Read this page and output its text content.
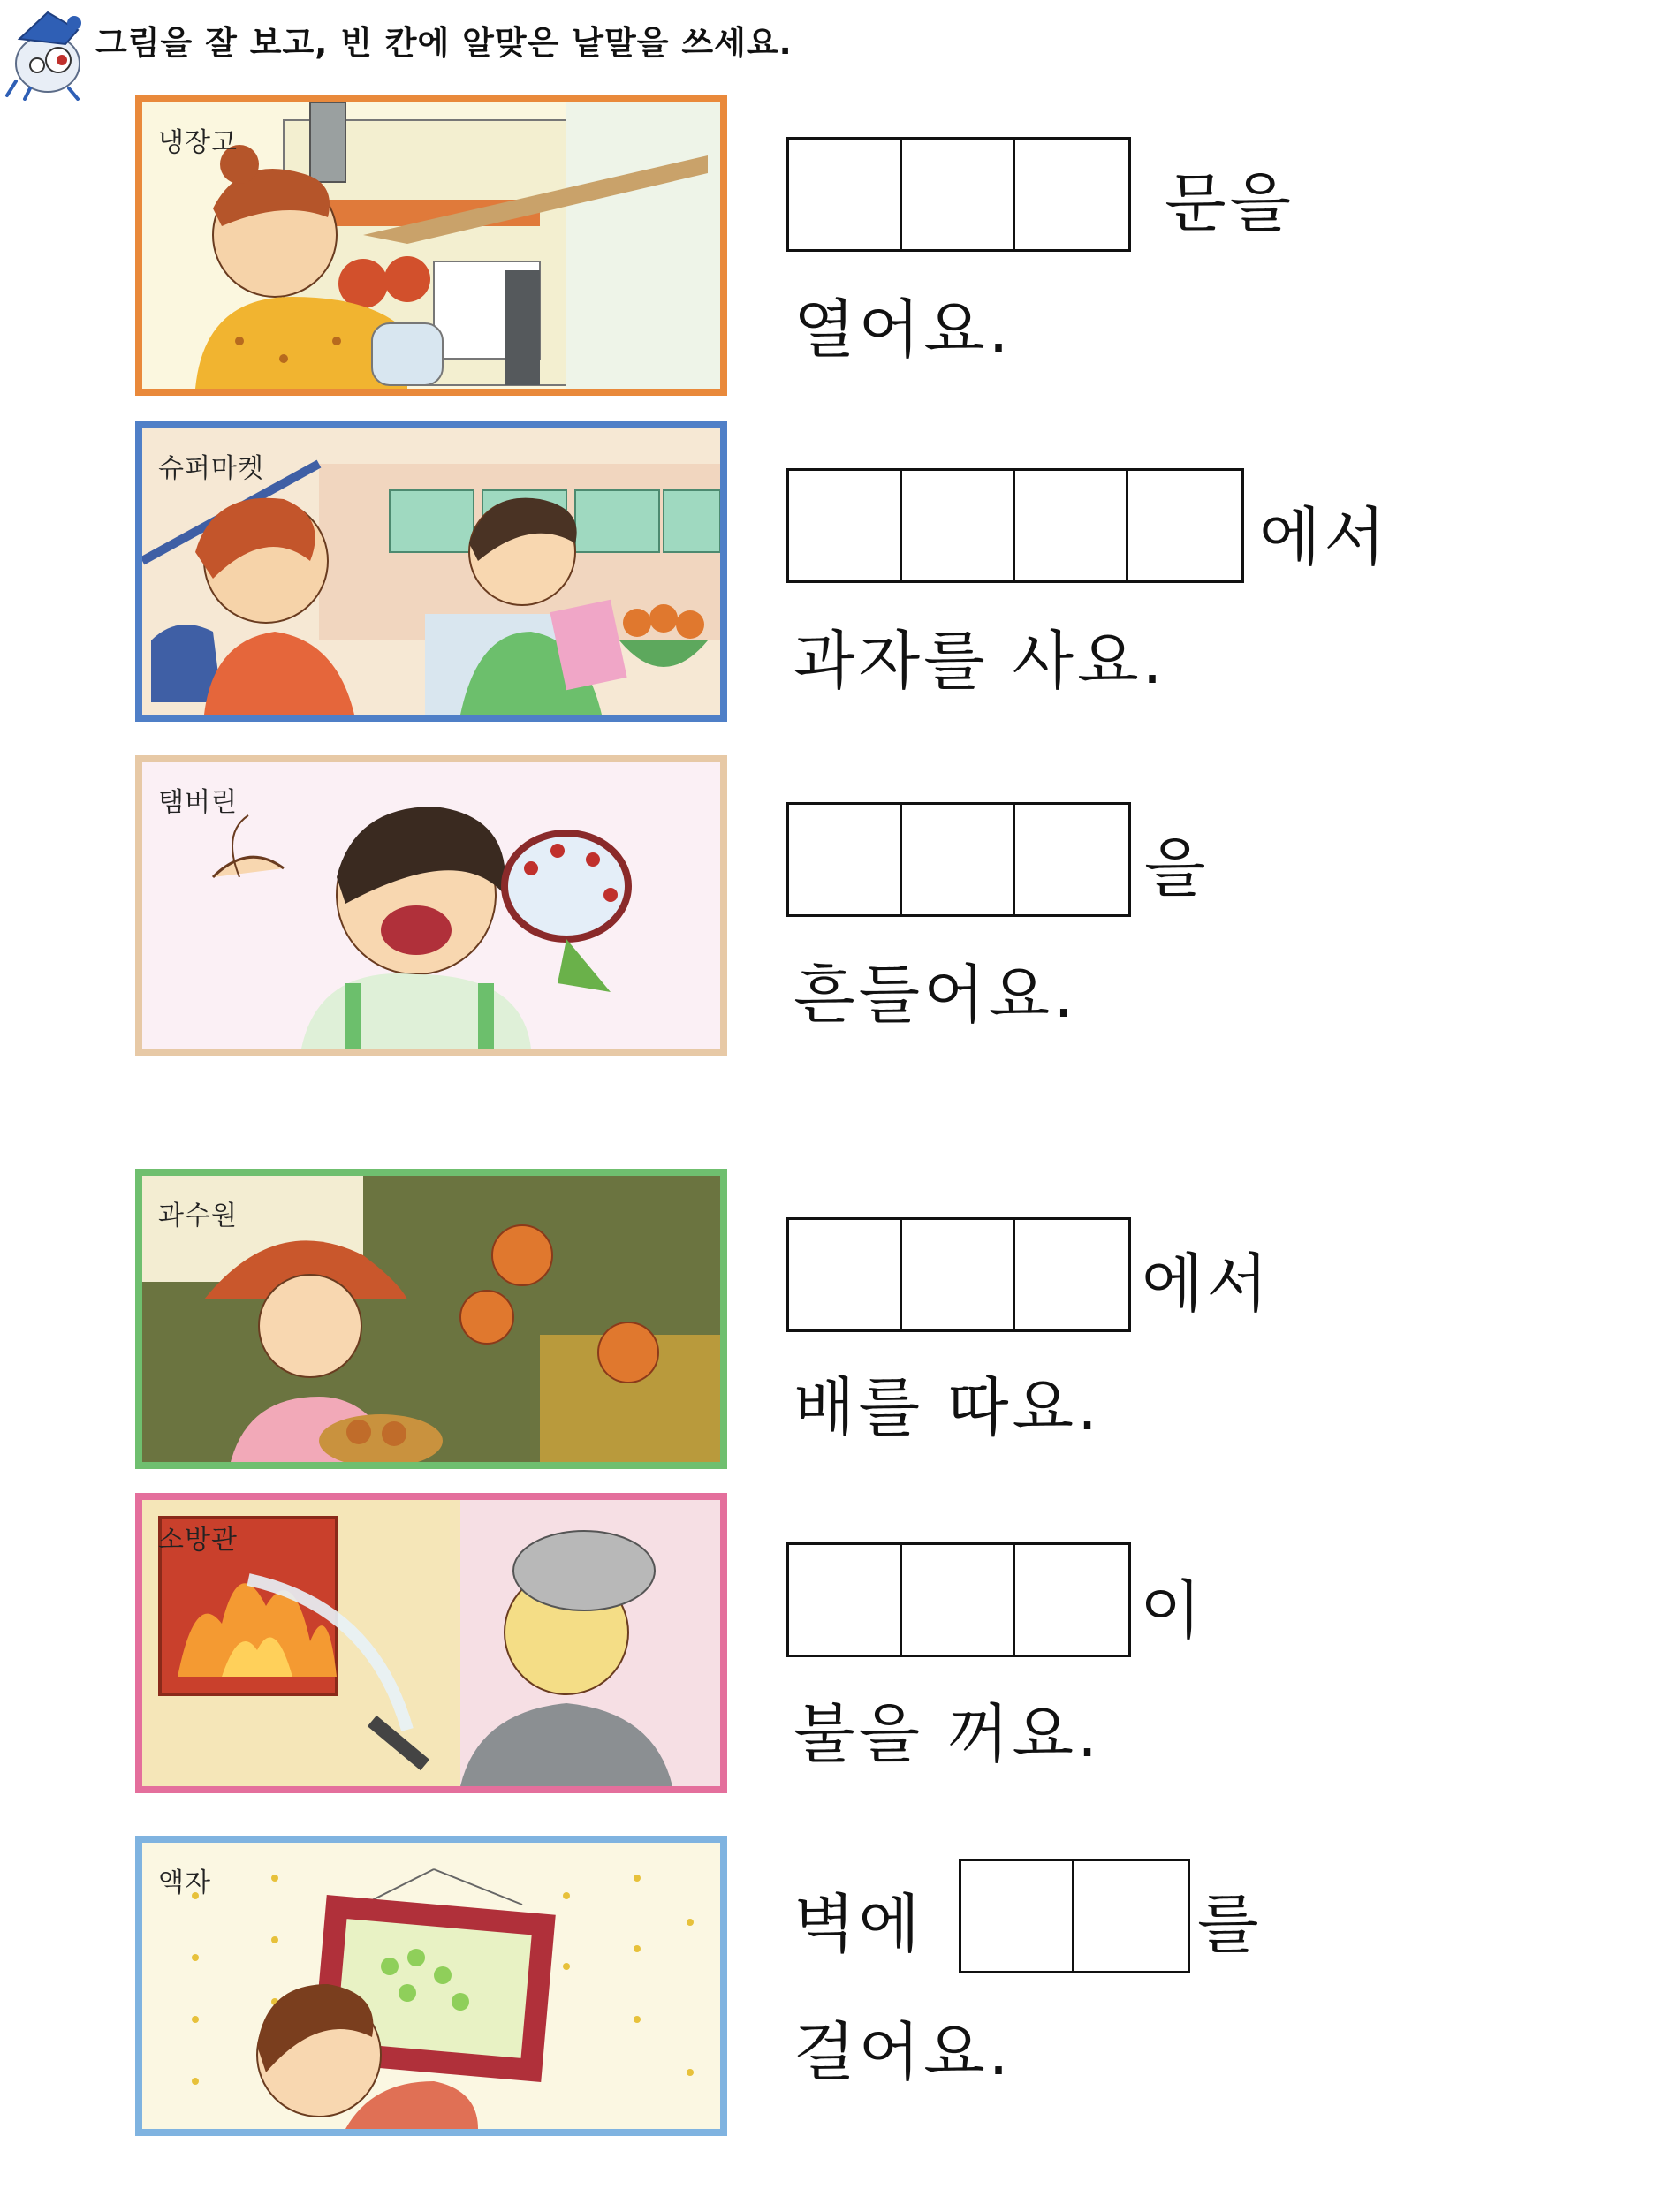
그림을 잘 보고, 빈 칸에 알맞은 낱말을 쓰세요.
냉장고
문을
열어요.
슈퍼마켓
에서
과자를 사요.
탬버린
을
흔들어요.
과수원
에서
배를 따요.
소방관
이
불을 꺼요.
액자
벽에	를
걸어요.
